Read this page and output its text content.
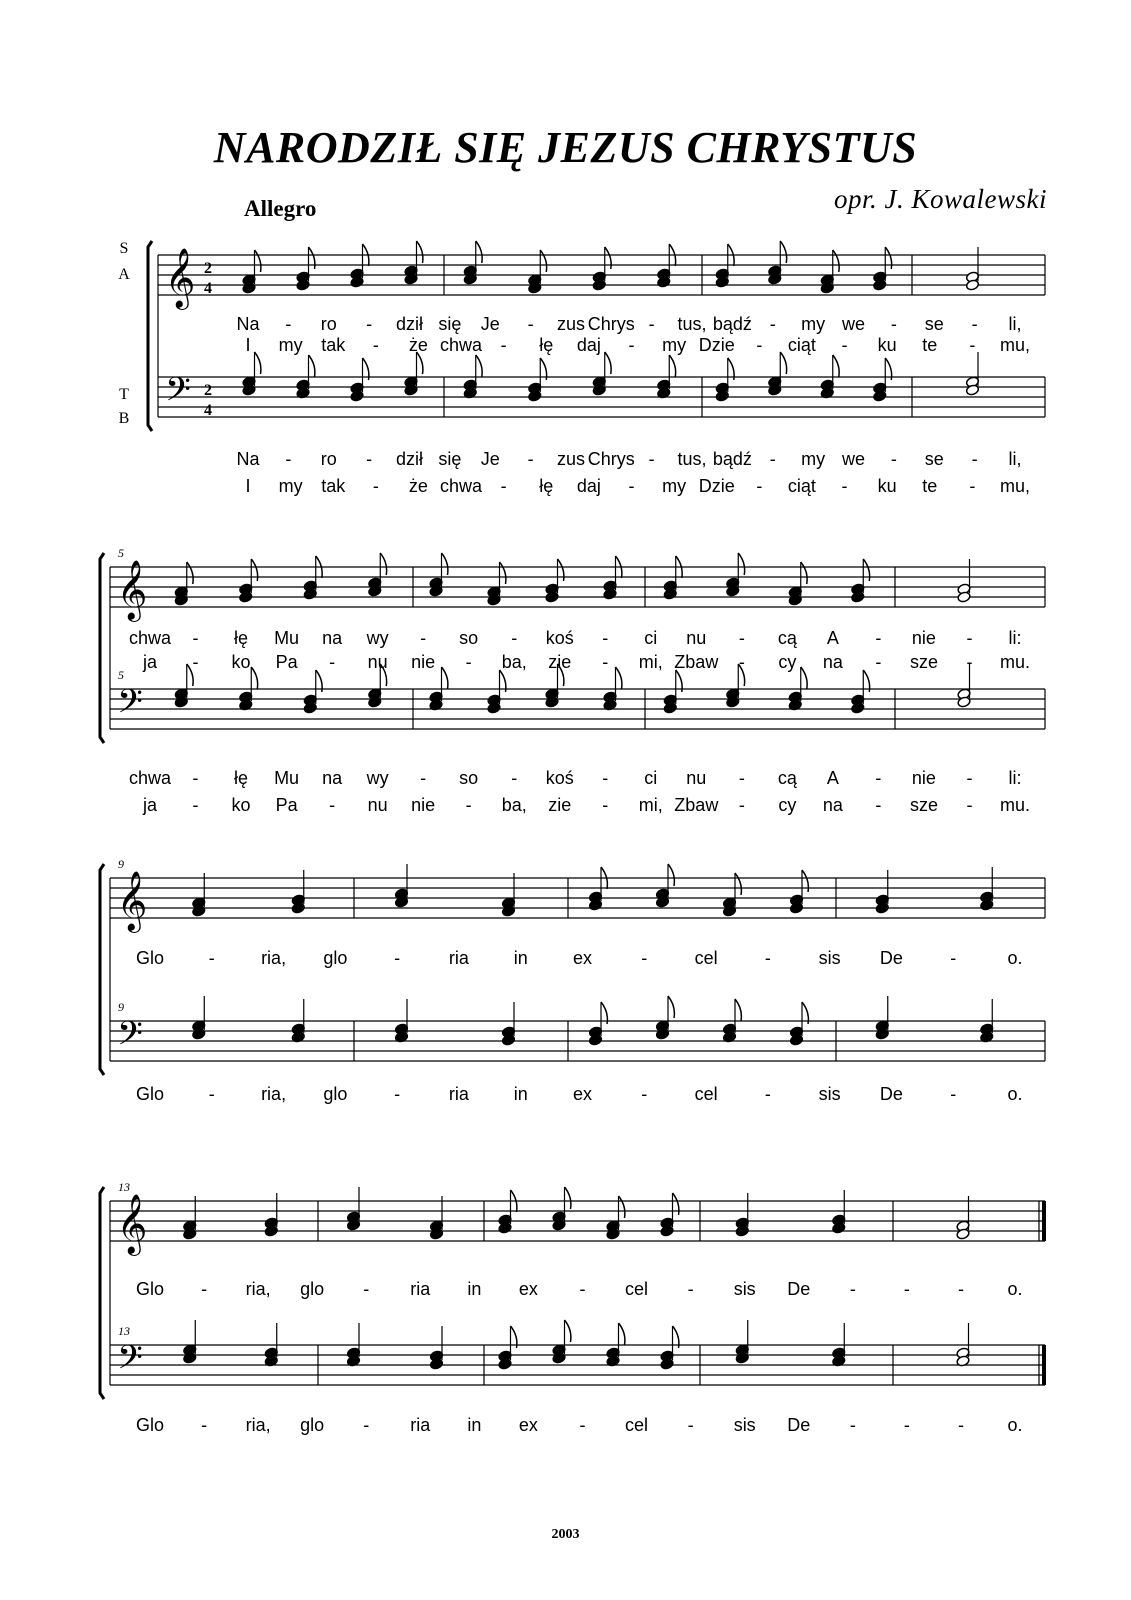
NARODZIŁ SIĘ JEZUS CHRYSTUS
Allegro	opr. J. Kowalewski
2003
𝄞 2
4
𝄢 2
4
S
A
T
B
Na - ro - dził się Je - zus Chrys - tus, bądź - my we - se - li,
I my tak - że chwa - łę daj - my Dzie - ciąt - ku te - mu,
Na - ro - dził się Je - zus Chrys - tus, bądź - my we - se - li,
I my tak - że chwa - łę daj - my Dzie - ciąt - ku te - mu,
𝄞
𝄢
5
5
chwa - łę Mu na wy - so - koś - ci nu - cą A - nie - li:
ja - ko Pa - nu nie - ba, zie - mi, Zbaw - cy na - sze - mu.
chwa - łę Mu na wy - so - koś - ci nu - cą A - nie - li:
ja - ko Pa - nu nie - ba, zie - mi, Zbaw - cy na - sze - mu.
𝄞
𝄢
9
9
Glo -	ria, glo	-	ria in	ex	-	cel	-	sis De	-	o.
Glo -	ria, glo	-	ria in	ex	-	cel	-	sis De	-	o.
𝄞
𝄢
13
13
Glo - ria, glo - ria in ex - cel - sis De -	-	- o.
Glo - ria, glo - ria in ex - cel - sis De -	-	- o.
